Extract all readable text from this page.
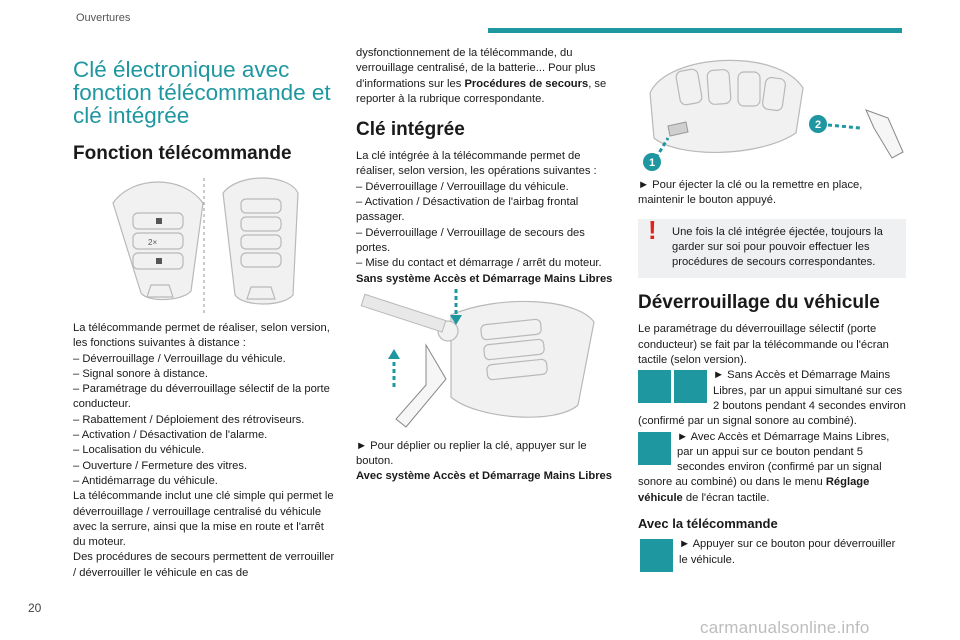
Ouvertures
Clé électronique avec fonction télécommande et clé intégrée
Fonction télécommande
2×

La télécommande permet de réaliser, selon version, les fonctions suivantes à distance :

– Déverrouillage / Verrouillage du véhicule.

– Signal sonore à distance.

– Paramétrage du déverrouillage sélectif de la porte conducteur.

– Rabattement / Déploiement des rétroviseurs.

– Activation / Désactivation de l'alarme.

– Localisation du véhicule.

– Ouverture / Fermeture des vitres.

– Antidémarrage du véhicule.

La télécommande inclut une clé simple qui permet le déverrouillage / verrouillage centralisé du véhicule avec la serrure, ainsi que la mise en route et l'arrêt du moteur.

Des procédures de secours permettent de verrouiller / déverrouiller le véhicule en cas de

dysfonctionnement de la télécommande, du verrouillage centralisé, de la batterie... Pour plus d'informations sur les Procédures de secours, se reporter à la rubrique correspondante.

Clé intégrée

La clé intégrée à la télécommande permet de réaliser, selon version, les opérations suivantes :

– Déverrouillage / Verrouillage du véhicule.

– Activation / Désactivation de l'airbag frontal passager.

– Déverrouillage / Verrouillage de secours des portes.

– Mise du contact et démarrage / arrêt du moteur.

Sans système Accès et Démarrage Mains Libres

► Pour déplier ou replier la clé, appuyer sur le bouton.

Avec système Accès et Démarrage Mains Libres

1
2

► Pour éjecter la clé ou la remettre en place, maintenir le bouton appuyé.

!	Une fois la clé intégrée éjectée, toujours la garder sur soi pour pouvoir effectuer les procédures de secours correspondantes.

Déverrouillage du véhicule

Le paramétrage du déverrouillage sélectif (porte conducteur) se fait par la télécommande ou l'écran tactile (selon version).

► Sans Accès et Démarrage Mains Libres, par un appui simultané sur ces 2 boutons pendant 4 secondes environ (confirmé par un signal sonore au combiné).

► Avec Accès et Démarrage Mains Libres, par un appui sur ce bouton pendant 5 secondes environ (confirmé par un signal sonore au combiné) ou dans le menu Réglage véhicule de l'écran tactile.

Avec la télécommande

► Appuyer sur ce bouton pour déverrouiller le véhicule.

20
carmanualsonline.info
